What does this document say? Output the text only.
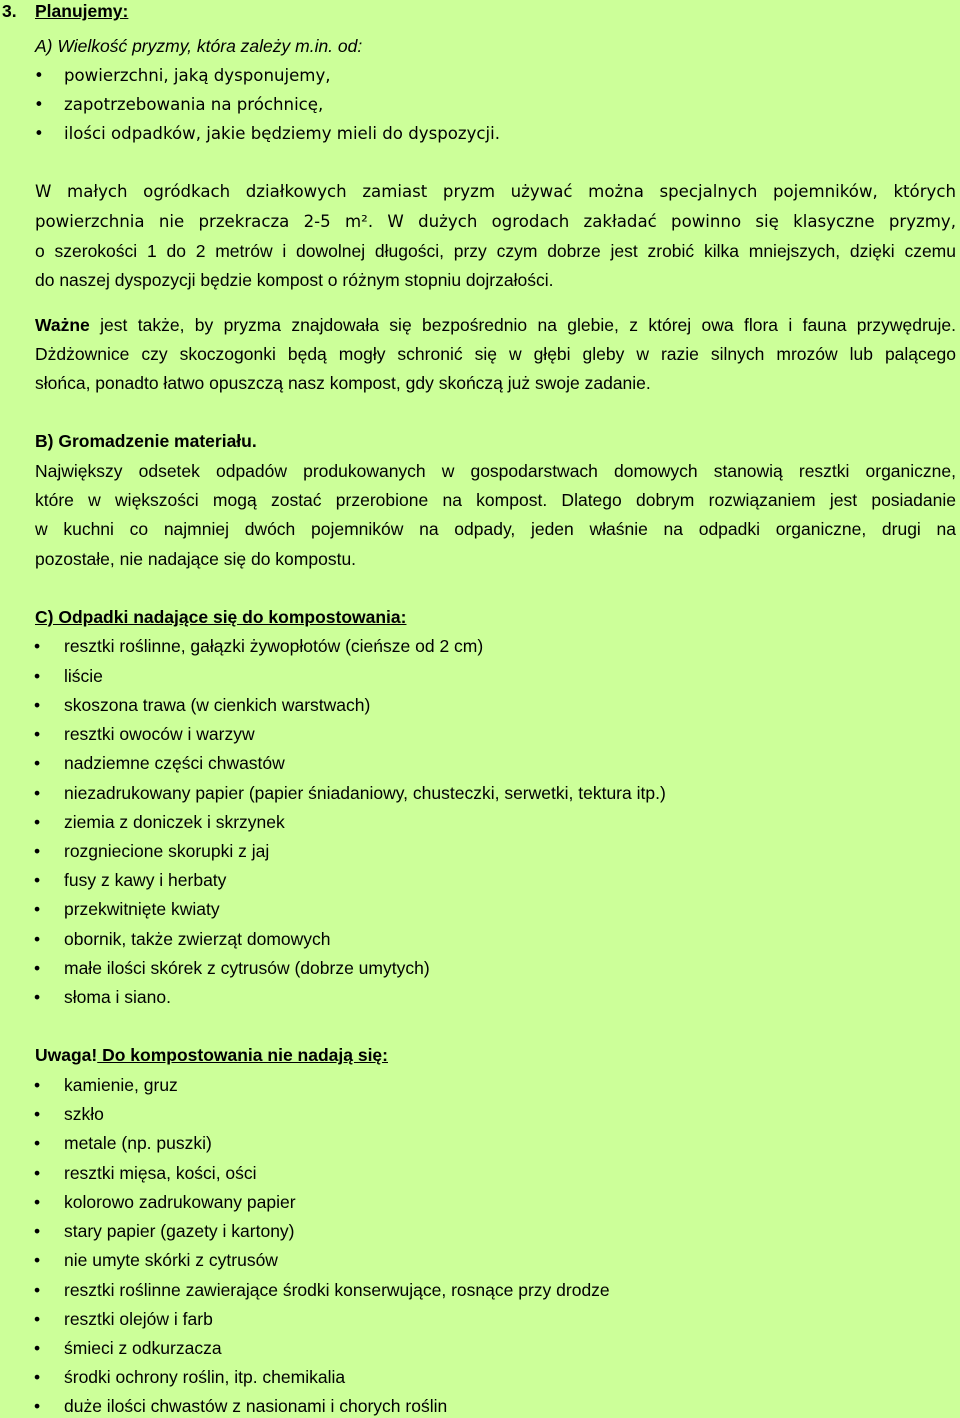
3. Planujemy:
A) Wielkość pryzmy, która zależy m.in. od:
• powierzchni, jaką dysponujemy,
• zapotrzebowania na próchnicę,
• ilości odpadków, jakie będziemy mieli do dyspozycji.
W małych ogródkach działkowych zamiast pryzm używać można specjalnych pojemników, których
powierzchnia nie przekracza 2-5 m². W dużych ogrodach zakładać powinno się klasyczne pryzmy,
o szerokości 1 do 2 metrów i dowolnej długości, przy czym dobrze jest zrobić kilka mniejszych, dzięki czemu
do naszej dyspozycji będzie kompost o różnym stopniu dojrzałości.
Ważne jest także, by pryzma znajdowała się bezpośrednio na glebie, z której owa flora i fauna przywędruje.
Dżdżownice czy skoczogonki będą mogły schronić się w głębi gleby w razie silnych mrozów lub palącego
słońca, ponadto łatwo opuszczą nasz kompost, gdy skończą już swoje zadanie.
B) Gromadzenie materiału.
Największy odsetek odpadów produkowanych w gospodarstwach domowych stanowią resztki organiczne,
które w większości mogą zostać przerobione na kompost. Dlatego dobrym rozwiązaniem jest posiadanie
w kuchni co najmniej dwóch pojemników na odpady, jeden właśnie na odpadki organiczne, drugi na
pozostałe, nie nadające się do kompostu.
C) Odpadki nadające się do kompostowania:
• resztki roślinne, gałązki żywopłotów (cieńsze od 2 cm)
• liście
• skoszona trawa (w cienkich warstwach)
• resztki owoców i warzyw
• nadziemne części chwastów
• niezadrukowany papier (papier śniadaniowy, chusteczki, serwetki, tektura itp.)
• ziemia z doniczek i skrzynek
• rozgniecione skorupki z jaj
• fusy z kawy i herbaty
• przekwitnięte kwiaty
• obornik, także zwierząt domowych
• małe ilości skórek z cytrusów (dobrze umytych)
• słoma i siano.
Uwaga! Do kompostowania nie nadają się:
• kamienie, gruz
• szkło
• metale (np. puszki)
• resztki mięsa, kości, ości
• kolorowo zadrukowany papier
• stary papier (gazety i kartony)
• nie umyte skórki z cytrusów
• resztki roślinne zawierające środki konserwujące, rosnące przy drodze
• resztki olejów i farb
• śmieci z odkurzacza
• środki ochrony roślin, itp. chemikalia
• duże ilości chwastów z nasionami i chorych roślin
